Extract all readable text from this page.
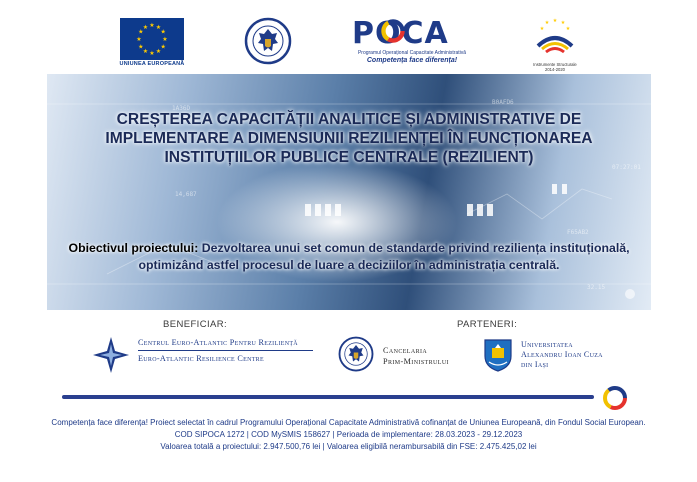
★ ★
★
★
★
★
★
★
★
★
★
★
UNIUNEA EUROPEANĂ
POCA
Programul Operațional Capacitate Administrativă
Competența face diferența!
★ ★
★
★
★
Instrumente Structurale
2014-2020
1A36D
B0AFD6
14,687
F65AB2
07:27:01
32.15
CREȘTEREA CAPACITĂȚII ANALITICE ȘI ADMINISTRATIVE DE
IMPLEMENTARE A DIMENSIUNII REZILIENȚEI ÎN FUNCȚIONAREA
INSTITUȚIILOR PUBLICE CENTRALE (REZILIENT)
Obiectivul proiectului: Dezvoltarea unui set comun de standarde privind reziliența instituțională,
optimizând astfel procesul de luare a deciziilor în administrația centrală.
BENEFICIAR:	PARTENERI:
Centrul Euro-Atlantic Pentru Reziliență
Euro-Atlantic Resilience Centre
Cancelaria
Prim-Ministrului
Universitatea
Alexandru Ioan Cuza
din Iași
Competența face diferența! Proiect selectat în cadrul Programului Operațional Capacitate Administrativă cofinanțat de Uniunea Europeană, din Fondul Social European.
COD SIPOCA 1272 | COD MySMIS 158627 | Perioada de implementare: 28.03.2023 - 29.12.2023
Valoarea totală a proiectului: 2.947.500,76 lei | Valoarea eligibilă nerambursabilă din FSE: 2.475.425,02 lei
